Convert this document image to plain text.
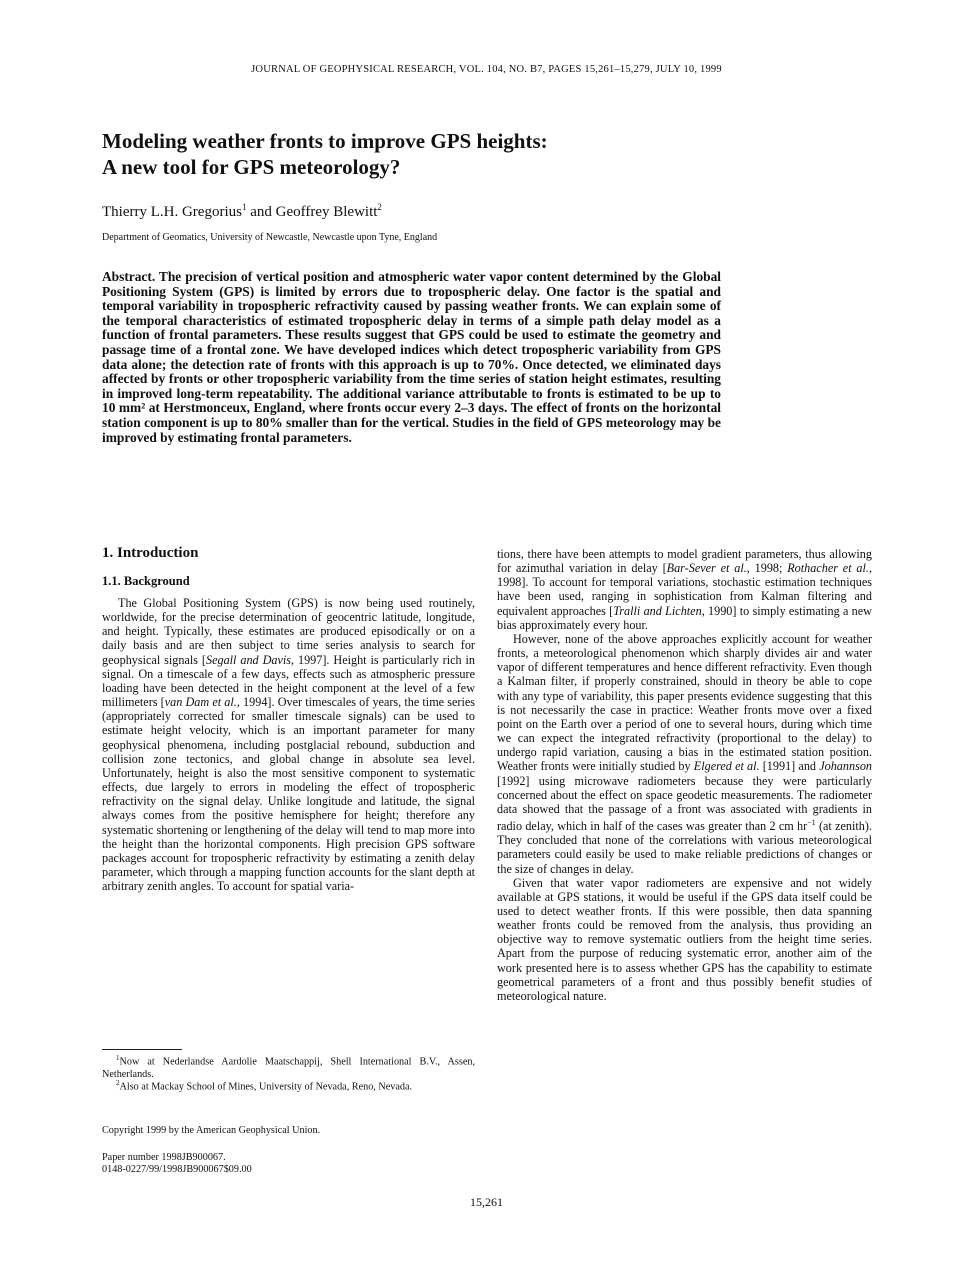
JOURNAL OF GEOPHYSICAL RESEARCH, VOL. 104, NO. B7, PAGES 15,261–15,279, JULY 10, 1999
Modeling weather fronts to improve GPS heights:
A new tool for GPS meteorology?
Thierry L.H. Gregorius$^1$ and Geoffrey Blewitt$^2$
Department of Geomatics, University of Newcastle, Newcastle upon Tyne, England
Abstract. The precision of vertical position and atmospheric water vapor content determined by the Global Positioning System (GPS) is limited by errors due to tropospheric delay. One factor is the spatial and temporal variability in tropospheric refractivity caused by passing weather fronts. We can explain some of the temporal characteristics of estimated tropospheric delay in terms of a simple path delay model as a function of frontal parameters. These results suggest that GPS could be used to estimate the geometry and passage time of a frontal zone. We have developed indices which detect tropospheric variability from GPS data alone; the detection rate of fronts with this approach is up to 70%. Once detected, we eliminated days affected by fronts or other tropospheric variability from the time series of station height estimates, resulting in improved long-term repeatability. The additional variance attributable to fronts is estimated to be up to 10 mm² at Herstmonceux, England, where fronts occur every 2–3 days. The effect of fronts on the horizontal station component is up to 80% smaller than for the vertical. Studies in the field of GPS meteorology may be improved by estimating frontal parameters.
1. Introduction
1.1. Background

The Global Positioning System (GPS) is now being used routinely, worldwide, for the precise determination of geocentric latitude, longitude, and height. Typically, these estimates are produced episodically or on a daily basis and are then subject to time series analysis to search for geophysical signals [Segall and Davis, 1997]. Height is particularly rich in signal. On a timescale of a few days, effects such as atmospheric pressure loading have been detected in the height component at the level of a few millimeters [van Dam et al., 1994]. Over timescales of years, the time series (appropriately corrected for smaller timescale signals) can be used to estimate height velocity, which is an important parameter for many geophysical phenomena, including postglacial rebound, subduction and collision zone tectonics, and global change in absolute sea level. Unfortunately, height is also the most sensitive component to systematic effects, due largely to errors in modeling the effect of tropospheric refractivity on the signal delay. Unlike longitude and latitude, the signal always comes from the positive hemisphere for height; therefore any systematic shortening or lengthening of the delay will tend to map more into the height than the horizontal components. High precision GPS software packages account for tropospheric refractivity by estimating a zenith delay parameter, which through a mapping function accounts for the slant depth at arbitrary zenith angles. To account for spatial varia-

$^1$Now at Nederlandse Aardolie Maatschappij, Shell International B.V., Assen, Netherlands.

$^2$Also at Mackay School of Mines, University of Nevada, Reno, Nevada.

Copyright 1999 by the American Geophysical Union.
Paper number 1998JB900067.
0148-0227/99/1998JB900067$09.00

tions, there have been attempts to model gradient parameters, thus allowing for azimuthal variation in delay [Bar-Sever et al., 1998; Rothacher et al., 1998]. To account for temporal variations, stochastic estimation techniques have been used, ranging in sophistication from Kalman filtering and equivalent approaches [Tralli and Lichten, 1990] to simply estimating a new bias approximately every hour.

However, none of the above approaches explicitly account for weather fronts, a meteorological phenomenon which sharply divides air and water vapor of different temperatures and hence different refractivity. Even though a Kalman filter, if properly constrained, should in theory be able to cope with any type of variability, this paper presents evidence suggesting that this is not necessarily the case in practice: Weather fronts move over a fixed point on the Earth over a period of one to several hours, during which time we can expect the integrated refractivity (proportional to the delay) to undergo rapid variation, causing a bias in the estimated station position. Weather fronts were initially studied by Elgered et al. [1991] and Johannson [1992] using microwave radiometers because they were particularly concerned about the effect on space geodetic measurements. The radiometer data showed that the passage of a front was associated with gradients in radio delay, which in half of the cases was greater than 2 cm $hr^{-1}$ (at zenith). They concluded that none of the correlations with various meteorological parameters could easily be used to make reliable predictions of changes or the size of changes in delay.

Given that water vapor radiometers are expensive and not widely available at GPS stations, it would be useful if the GPS data itself could be used to detect weather fronts. If this were possible, then data spanning weather fronts could be removed from the analysis, thus providing an objective way to remove systematic outliers from the height time series. Apart from the purpose of reducing systematic error, another aim of the work presented here is to assess whether GPS has the capability to estimate geometrical parameters of a front and thus possibly benefit studies of meteorological nature.

15,261
